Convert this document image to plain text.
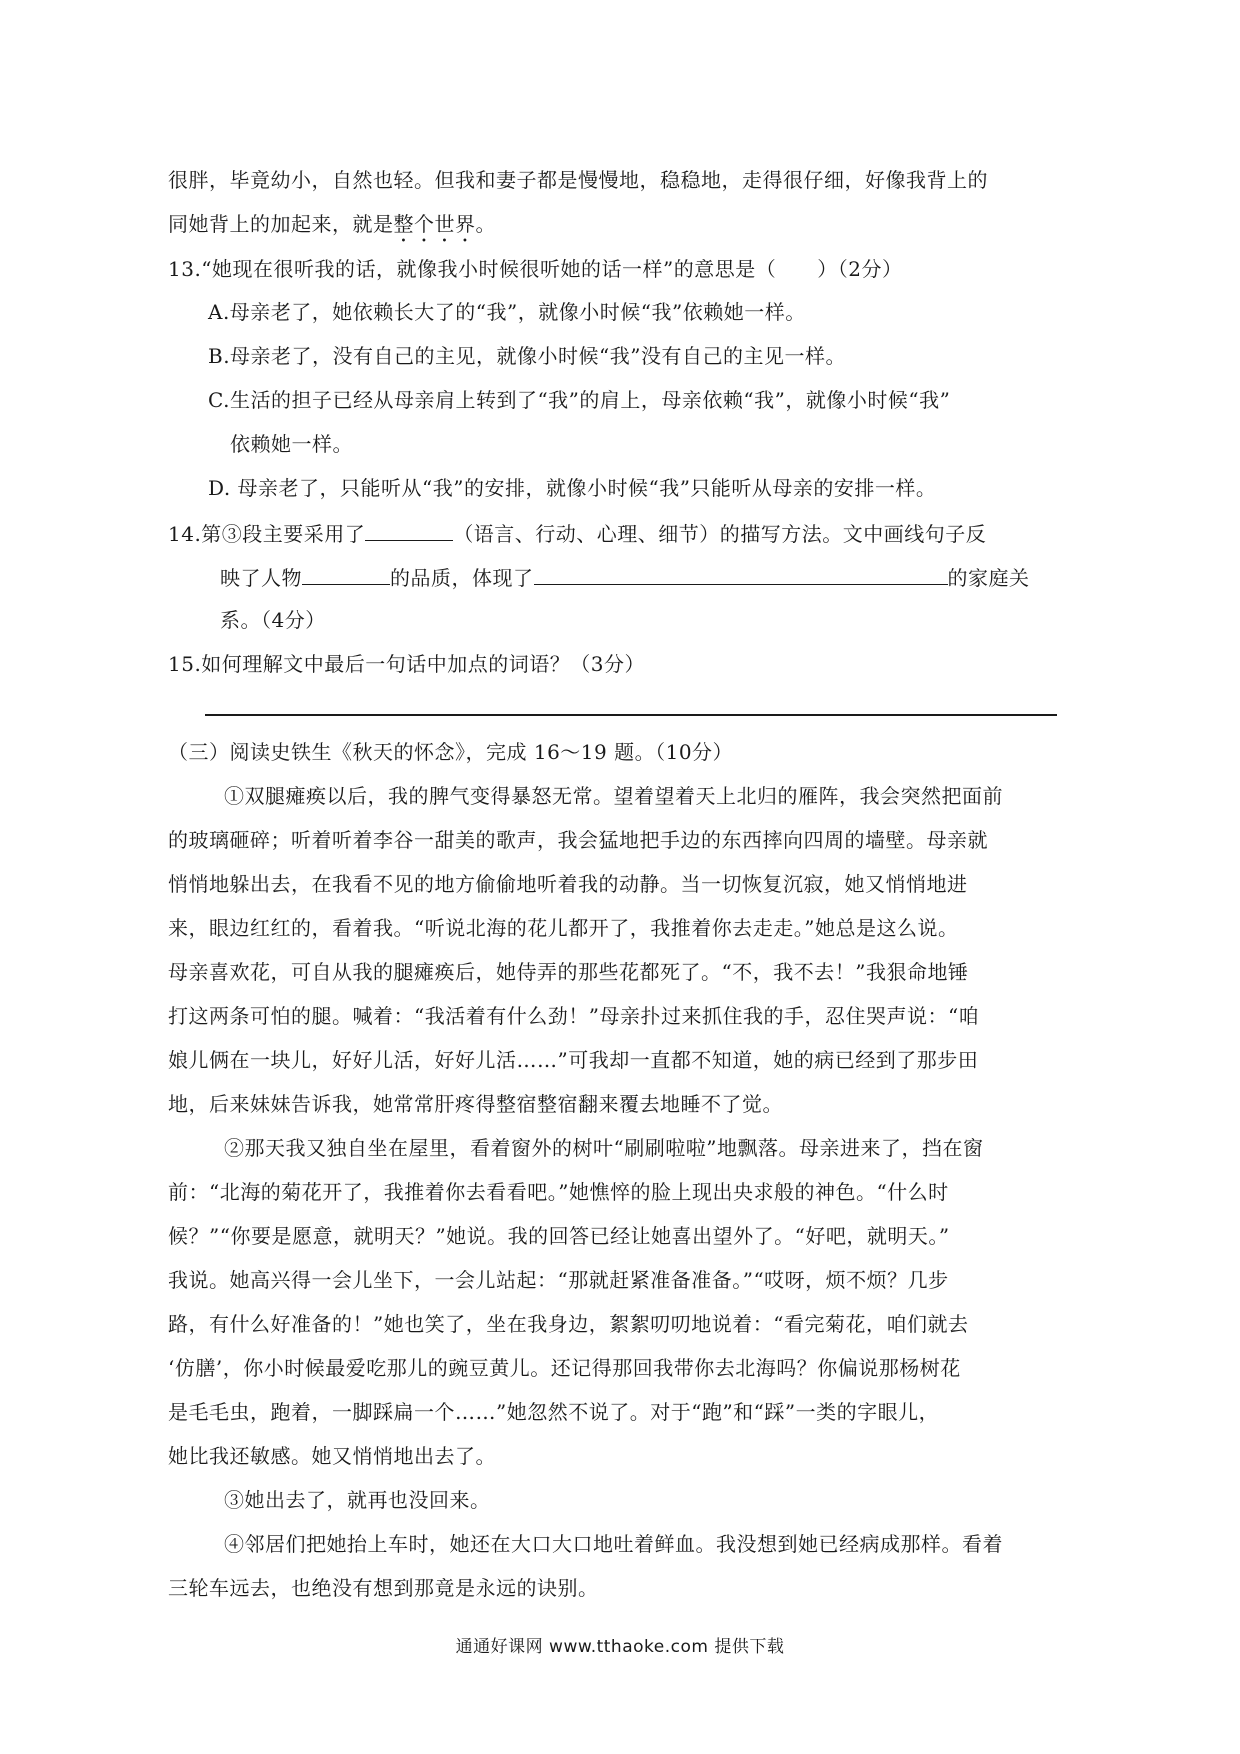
很胖，毕竟幼小，自然也轻。但我和妻子都是慢慢地，稳稳地，走得很仔细，好像我背上的
同她背上的加起来，就是整个世界。
13.“她现在很听我的话，就像我小时候很听她的话一样”的意思是（　　）（2分）
A.母亲老了，她依赖长大了的“我”，就像小时候“我”依赖她一样。
B.母亲老了，没有自己的主见，就像小时候“我”没有自己的主见一样。
C.生活的担子已经从母亲肩上转到了“我”的肩上，母亲依赖“我”，就像小时候“我”
依赖她一样。
D. 母亲老了，只能听从“我”的安排，就像小时候“我”只能听从母亲的安排一样。
14.第③段主要采用了	（语言、行动、心理、细节）的描写方法。文中画线句子反
映了人物	的品质，体现了	的家庭关
系。（4分）
15.如何理解文中最后一句话中加点的词语？（3分）
（三）阅读史铁生《秋天的怀念》，完成 16～19 题。（10分）
①双腿瘫痪以后，我的脾气变得暴怒无常。望着望着天上北归的雁阵，我会突然把面前
的玻璃砸碎；听着听着李谷一甜美的歌声，我会猛地把手边的东西摔向四周的墙壁。母亲就
悄悄地躲出去，在我看不见的地方偷偷地听着我的动静。当一切恢复沉寂，她又悄悄地进
来，眼边红红的，看着我。“听说北海的花儿都开了，我推着你去走走。”她总是这么说。
母亲喜欢花，可自从我的腿瘫痪后，她侍弄的那些花都死了。“不，我不去！”我狠命地锤
打这两条可怕的腿。喊着：“我活着有什么劲！”母亲扑过来抓住我的手，忍住哭声说：“咱
娘儿俩在一块儿，好好儿活，好好儿活……”可我却一直都不知道，她的病已经到了那步田
地，后来妹妹告诉我，她常常肝疼得整宿整宿翻来覆去地睡不了觉。
②那天我又独自坐在屋里，看着窗外的树叶“刷刷啦啦”地飘落。母亲进来了，挡在窗
前：“北海的菊花开了，我推着你去看看吧。”她憔悴的脸上现出央求般的神色。“什么时
候？”“你要是愿意，就明天？”她说。我的回答已经让她喜出望外了。“好吧，就明天。”
我说。她高兴得一会儿坐下，一会儿站起：“那就赶紧准备准备。”“哎呀，烦不烦？几步
路，有什么好准备的！”她也笑了，坐在我身边，絮絮叨叨地说着：“看完菊花，咱们就去
‘仿膳’，你小时候最爱吃那儿的豌豆黄儿。还记得那回我带你去北海吗？你偏说那杨树花
是毛毛虫，跑着，一脚踩扁一个……”她忽然不说了。对于“跑”和“踩”一类的字眼儿，
她比我还敏感。她又悄悄地出去了。
③她出去了，就再也没回来。
④邻居们把她抬上车时，她还在大口大口地吐着鲜血。我没想到她已经病成那样。看着
三轮车远去，也绝没有想到那竟是永远的诀别。
通通好课网 www.tthaoke.com 提供下载
